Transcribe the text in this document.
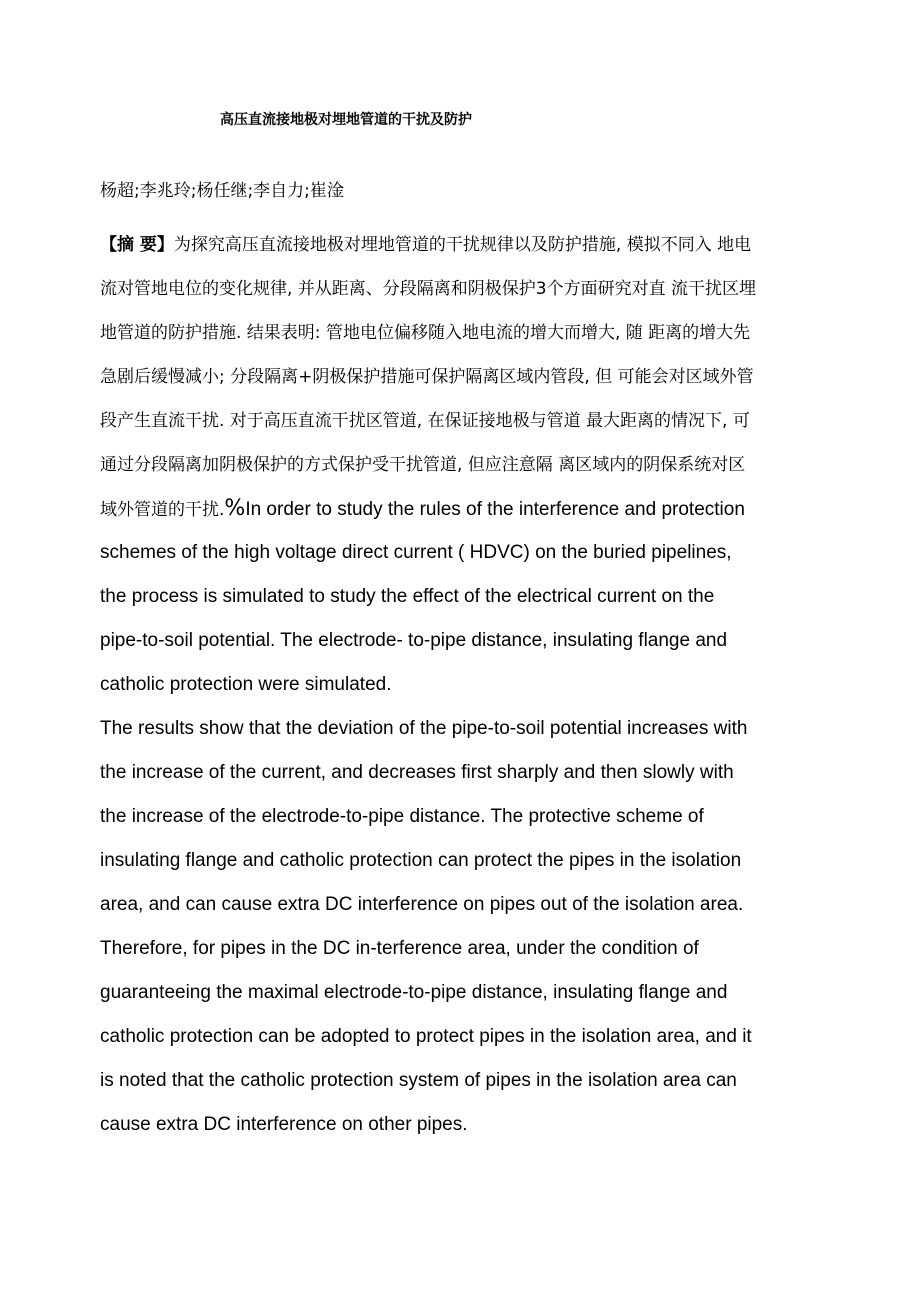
高压直流接地极对埋地管道的干扰及防护
杨超;李兆玲;杨任继;李自力;崔淦
【摘 要】为探究高压直流接地极对埋地管道的干扰规律以及防护措施, 模拟不同入 地电
流对管地电位的变化规律, 并从距离、分段隔离和阴极保护3个方面研究对直 流干扰区埋
地管道的防护措施. 结果表明: 管地电位偏移随入地电流的增大而增大, 随 距离的增大先
急剧后缓慢减小; 分段隔离+阴极保护措施可保护隔离区域内管段, 但 可能会对区域外管
段产生直流干扰. 对于高压直流干扰区管道, 在保证接地极与管道 最大距离的情况下, 可
通过分段隔离加阴极保护的方式保护受干扰管道, 但应注意隔 离区域内的阴保系统对区
域外管道的干扰.%In order to study the rules of the interference and protection
schemes of the high voltage direct current ( HDVC) on the buried pipelines,
the process is simulated to study the effect of the electrical current on the
pipe-to-soil potential. The electrode- to-pipe distance, insulating flange and
catholic protection were simulated.
The results show that the deviation of the pipe-to-soil potential increases with
the increase of the current, and decreases first sharply and then slowly with
the increase of the electrode-to-pipe distance. The protective scheme of
insulating flange and catholic protection can protect the pipes in the isolation
area, and can cause extra DC interference on pipes out of the isolation area.
Therefore, for pipes in the DC in-terference area, under the condition of
guaranteeing the maximal electrode-to-pipe distance, insulating flange and
catholic protection can be adopted to protect pipes in the isolation area, and it
is noted that the catholic protection system of pipes in the isolation area can
cause extra DC interference on other pipes.
